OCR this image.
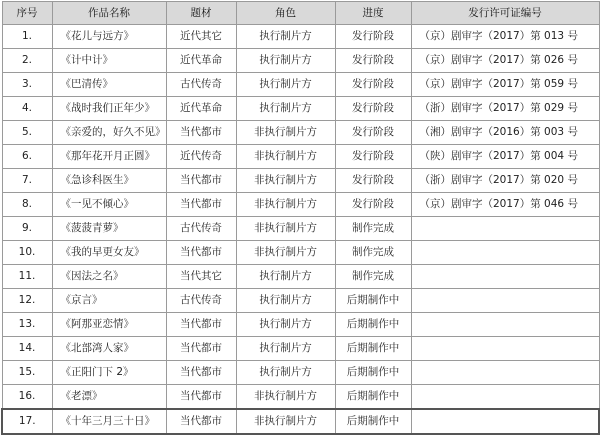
序号	作品名称	题材	角色	进度	发行许可证编号
1.	《花儿与远方》	近代其它	执行制片方	发行阶段	（京）剧审字（2017）第 013 号
2.	《计中计》	近代革命	执行制片方	发行阶段	（京）剧审字（2017）第 026 号
3.	《巴清传》	古代传奇	执行制片方	发行阶段	（京）剧审字（2017）第 059 号
4.	《战时我们正年少》	近代革命	执行制片方	发行阶段	（浙）剧审字（2017）第 029 号
5.	《亲爱的，好久不见》	当代都市	非执行制片方	发行阶段	（湘）剧审字（2016）第 003 号
6.	《那年花开月正圆》	近代传奇	非执行制片方	发行阶段	（陕）剧审字（2017）第 004 号
7.	《急诊科医生》	当代都市	非执行制片方	发行阶段	（浙）剧审字（2017）第 020 号
8.	《一见不倾心》	当代都市	非执行制片方	发行阶段	（京）剧审字（2017）第 046 号
9.	《菠菠青萝》	古代传奇	非执行制片方	制作完成	
10.	《我的早更女友》	当代都市	非执行制片方	制作完成	
11.	《因法之名》	当代其它	执行制片方	制作完成	
12.	《京言》	古代传奇	执行制片方	后期制作中	
13.	《阿那亚恋情》	当代都市	执行制片方	后期制作中	
14.	《北部湾人家》	当代都市	执行制片方	后期制作中	
15.	《正阳门下 2》	当代都市	执行制片方	后期制作中	
16.	《老漂》	当代都市	非执行制片方	后期制作中	
17.	《十年三月三十日》	当代都市	非执行制片方	后期制作中	
